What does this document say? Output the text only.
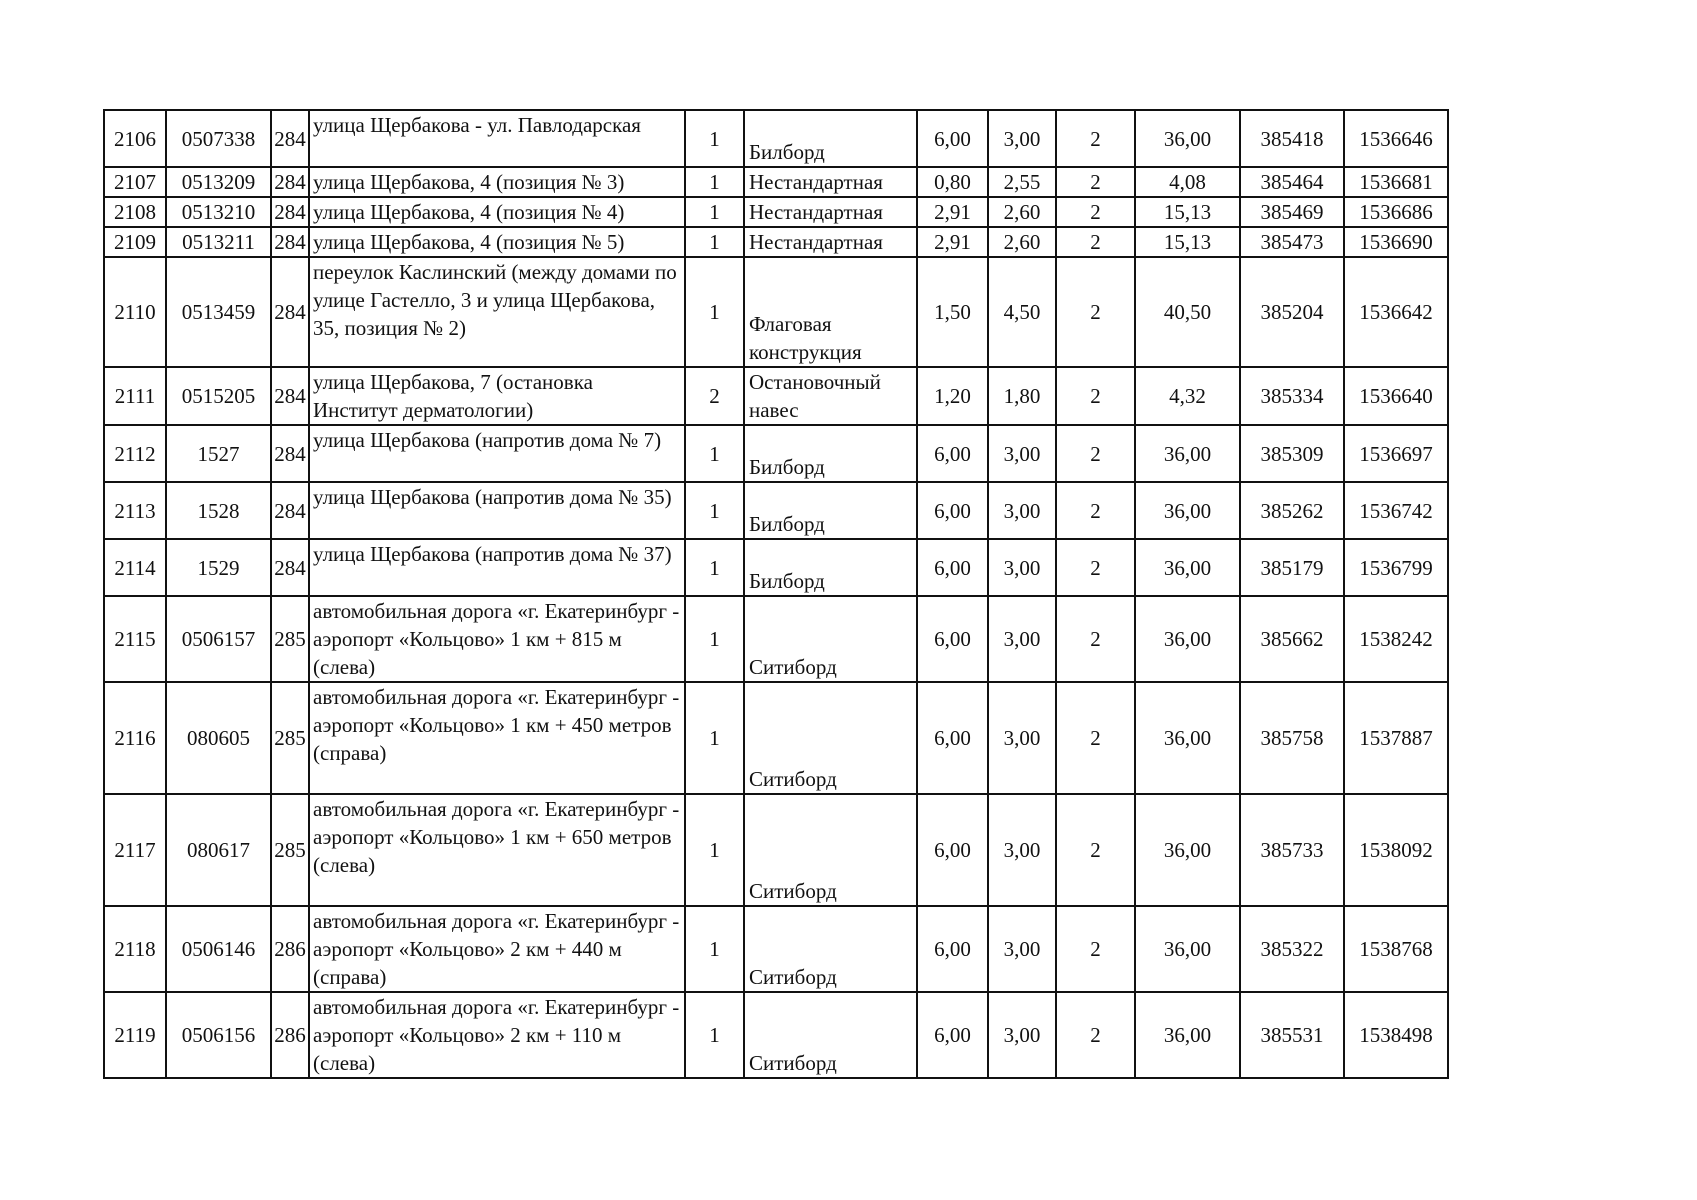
2106	0507338	284	улица Щербакова - ул. Павлодарская	1	Билборд	6,00	3,00	2	36,00	385418	1536646
2107	0513209	284	улица Щербакова, 4 (позиция № 3)	1	Нестандартная	0,80	2,55	2	4,08	385464	1536681
2108	0513210	284	улица Щербакова, 4 (позиция № 4)	1	Нестандартная	2,91	2,60	2	15,13	385469	1536686
2109	0513211	284	улица Щербакова, 4 (позиция № 5)	1	Нестандартная	2,91	2,60	2	15,13	385473	1536690
2110	0513459	284	переулок Каслинский (между домами по улице Гастелло, 3 и улица Щербакова, 35, позиция № 2)	1	Флаговая конструкция	1,50	4,50	2	40,50	385204	1536642
2111	0515205	284	улица Щербакова, 7 (остановка Институт дерматологии)	2	Остановочный навес	1,20	1,80	2	4,32	385334	1536640
2112	1527	284	улица Щербакова (напротив дома № 7)	1	Билборд	6,00	3,00	2	36,00	385309	1536697
2113	1528	284	улица Щербакова (напротив дома № 35)	1	Билборд	6,00	3,00	2	36,00	385262	1536742
2114	1529	284	улица Щербакова (напротив дома № 37)	1	Билборд	6,00	3,00	2	36,00	385179	1536799
2115	0506157	285	автомобильная дорога «г. Екатеринбург - аэропорт «Кольцово» 1 км + 815 м (слева)	1	Ситиборд	6,00	3,00	2	36,00	385662	1538242
2116	080605	285	автомобильная дорога «г. Екатеринбург - аэропорт «Кольцово» 1 км + 450 метров (справа)	1	Ситиборд	6,00	3,00	2	36,00	385758	1537887
2117	080617	285	автомобильная дорога «г. Екатеринбург - аэропорт «Кольцово» 1 км + 650 метров (слева)	1	Ситиборд	6,00	3,00	2	36,00	385733	1538092
2118	0506146	286	автомобильная дорога «г. Екатеринбург - аэропорт «Кольцово» 2 км + 440 м (справа)	1	Ситиборд	6,00	3,00	2	36,00	385322	1538768
2119	0506156	286	автомобильная дорога «г. Екатеринбург - аэропорт «Кольцово» 2 км + 110 м (слева)	1	Ситиборд	6,00	3,00	2	36,00	385531	1538498
